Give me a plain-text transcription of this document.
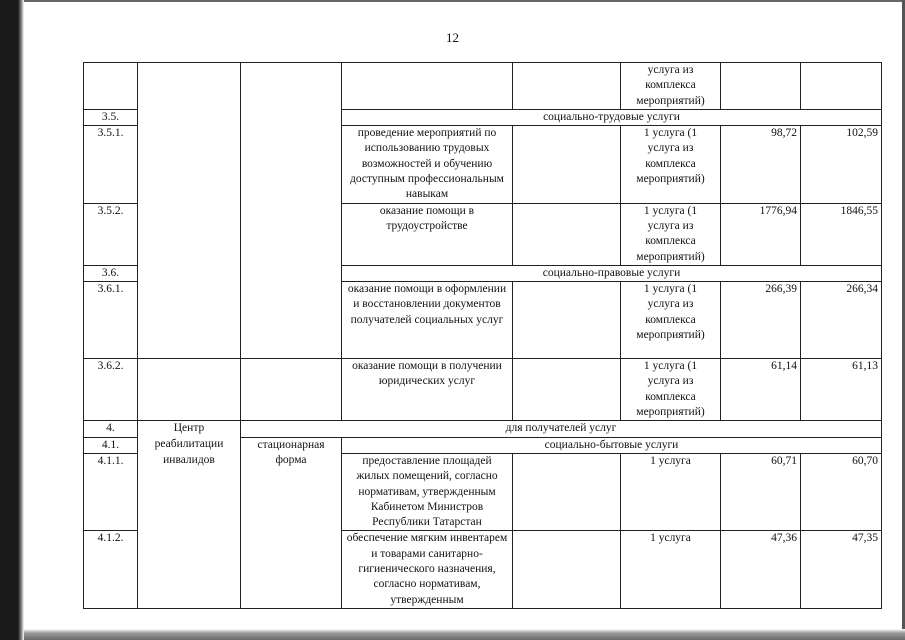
12
					услуга из
комплекса
мероприятий)		
3.5.			социально-трудовые услуги				
3.5.1.			проведение мероприятий по использованию трудовых возможностей и обучению доступным профессиональным навыкам		1 услуга (1
услуга из
комплекса
мероприятий)	98,72	102,59
3.5.2.			оказание помощи в трудоустройстве		1 услуга (1
услуга из
комплекса
мероприятий)	1776,94	1846,55
3.6.			социально-правовые услуги				
3.6.1.			оказание помощи в оформлении и восстановлении документов получателей социальных услуг		1 услуга (1
услуга из
комплекса
мероприятий)	266,39	266,34
3.6.2.			оказание помощи в получении юридических услуг		1 услуга (1
услуга из
комплекса
мероприятий)	61,14	61,13
4.	Центр
реабилитации
инвалидов	для получателей услуг					
4.1.		стационарная
форма	социально-бытовые услуги				
4.1.1.			предоставление площадей жилых помещений, согласно нормативам, утвержденным Кабинетом Министров Республики Татарстан		1 услуга	60,71	60,70
4.1.2.			обеспечение мягким инвентарем и товарами санитарно-гигиенического назначения, согласно нормативам, утвержденным		1 услуга	47,36	47,35
